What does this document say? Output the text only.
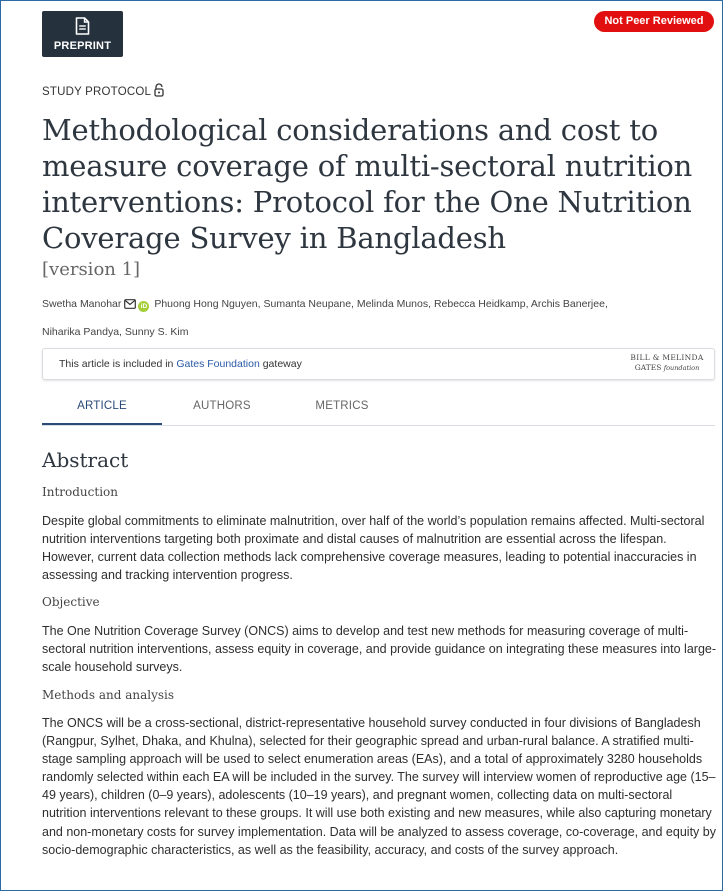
PREPRINT
Not Peer Reviewed
STUDY PROTOCOL
Methodological considerations and cost to measure coverage of multi-sectoral nutrition interventions: Protocol for the One Nutrition Coverage Survey in Bangladesh
[version 1]
Swetha Manohar	iD Phuong Hong Nguyen, Sumanta Neupane, Melinda Munos, Rebecca Heidkamp, Archis Banerjee,
Niharika Pandya, Sunny S. Kim
This article is included in Gates Foundation gateway
BILL & MELINDA
GATES foundation
ARTICLE	AUTHORS	METRICS
Abstract
Introduction

Despite global commitments to eliminate malnutrition, over half of the world’s population remains affected. Multi-sectoral nutrition interventions targeting both proximate and distal causes of malnutrition are essential across the lifespan. However, current data collection methods lack comprehensive coverage measures, leading to potential inaccuracies in assessing and tracking intervention progress.

Objective

The One Nutrition Coverage Survey (ONCS) aims to develop and test new methods for measuring coverage of multi-sectoral nutrition interventions, assess equity in coverage, and provide guidance on integrating these measures into large-scale household surveys.

Methods and analysis

The ONCS will be a cross-sectional, district-representative household survey conducted in four divisions of Bangladesh (Rangpur, Sylhet, Dhaka, and Khulna), selected for their geographic spread and urban-rural balance. A stratified multi-stage sampling approach will be used to select enumeration areas (EAs), and a total of approximately 3280 households randomly selected within each EA will be included in the survey. The survey will interview women of reproductive age (15–49 years), children (0–9 years), adolescents (10–19 years), and pregnant women, collecting data on multi-sectoral nutrition interventions relevant to these groups. It will use both existing and new measures, while also capturing monetary and non-monetary costs for survey implementation. Data will be analyzed to assess coverage, co-coverage, and equity by socio-demographic characteristics, as well as the feasibility, accuracy, and costs of the survey approach.
